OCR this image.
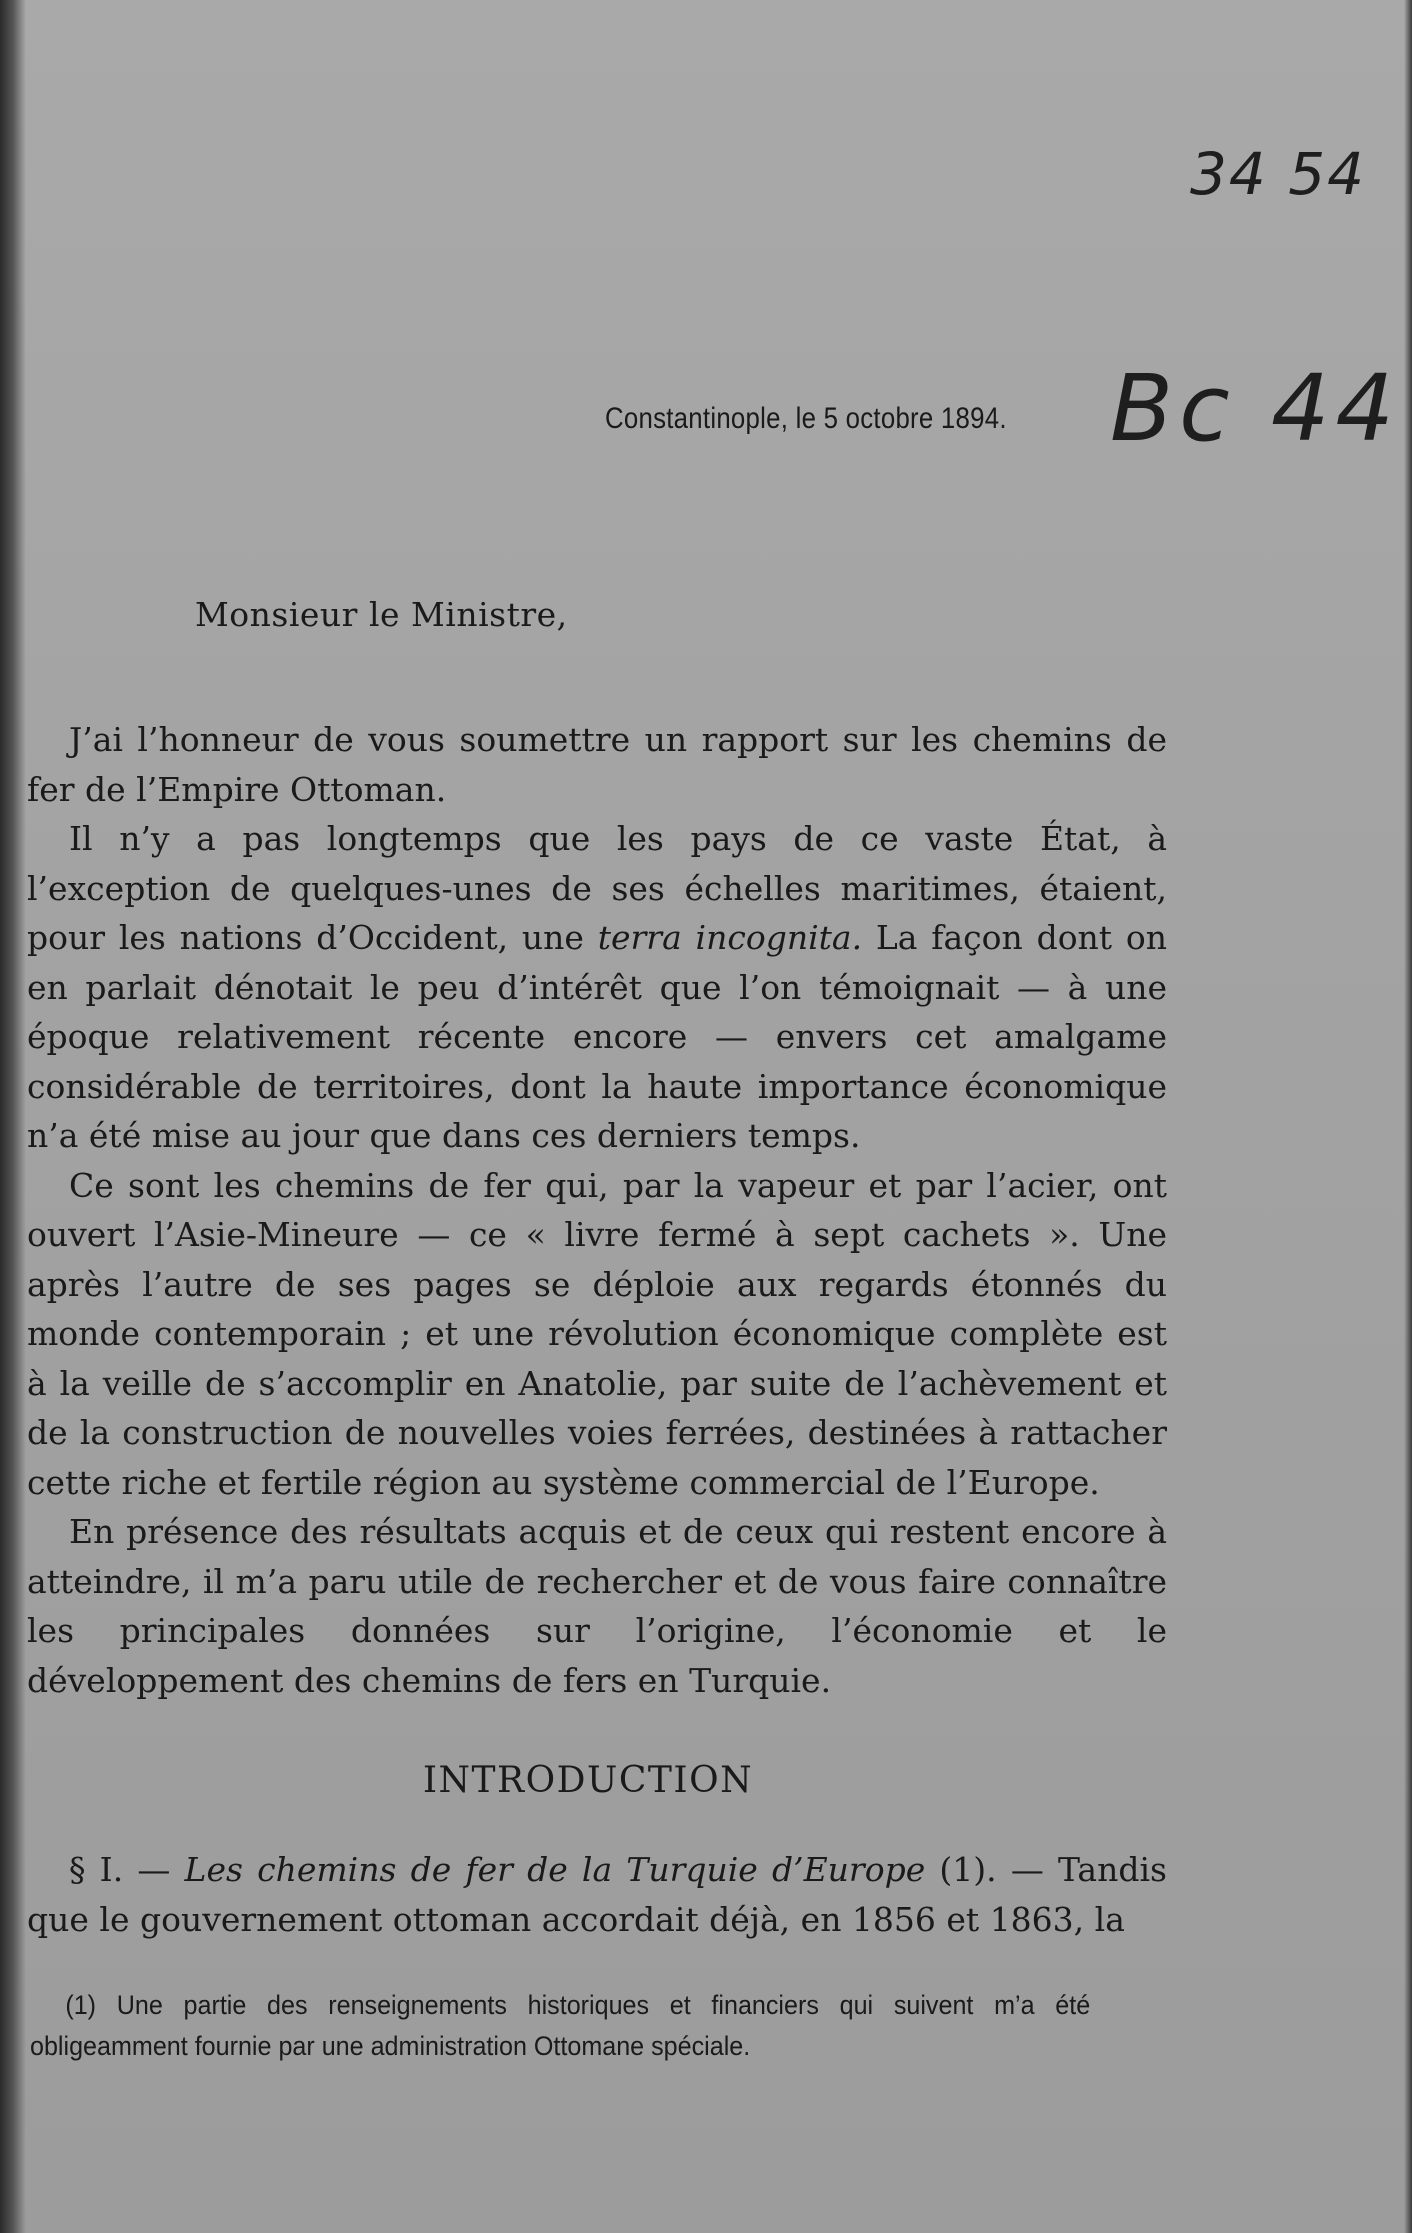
34 54
Bc 44
Constantinople, le 5 octobre 1894.
Monsieur le Ministre,

J’ai l’honneur de vous soumettre un rapport sur les chemins de fer de l’Empire Ottoman.

Il n’y a pas longtemps que les pays de ce vaste État, à l’exception de quelques-unes de ses échelles maritimes, étaient, pour les nations d’Occident, une terra incognita. La façon dont on en parlait dénotait le peu d’intérêt que l’on témoignait — à une époque relativement récente encore — envers cet amalgame considérable de territoires, dont la haute importance économique n’a été mise au jour que dans ces derniers temps.

Ce sont les chemins de fer qui, par la vapeur et par l’acier, ont ouvert l’Asie-Mineure — ce « livre fermé à sept cachets ». Une après l’autre de ses pages se déploie aux regards étonnés du monde contemporain ; et une révolution économique complète est à la veille de s’accomplir en Anatolie, par suite de l’achèvement et de la construction de nouvelles voies ferrées, destinées à rattacher cette riche et fertile région au système commercial de l’Europe.

En présence des résultats acquis et de ceux qui restent encore à atteindre, il m’a paru utile de rechercher et de vous faire connaître les principales données sur l’origine, l’économie et le développement des chemins de fers en Turquie.

INTRODUCTION

§ I. — Les chemins de fer de la Turquie d’Europe (1). — Tandis que le gouvernement ottoman accordait déjà, en 1856 et 1863, la

(1) Une partie des renseignements historiques et financiers qui suivent m’a été obligeamment fournie par une administration Ottomane spéciale.
